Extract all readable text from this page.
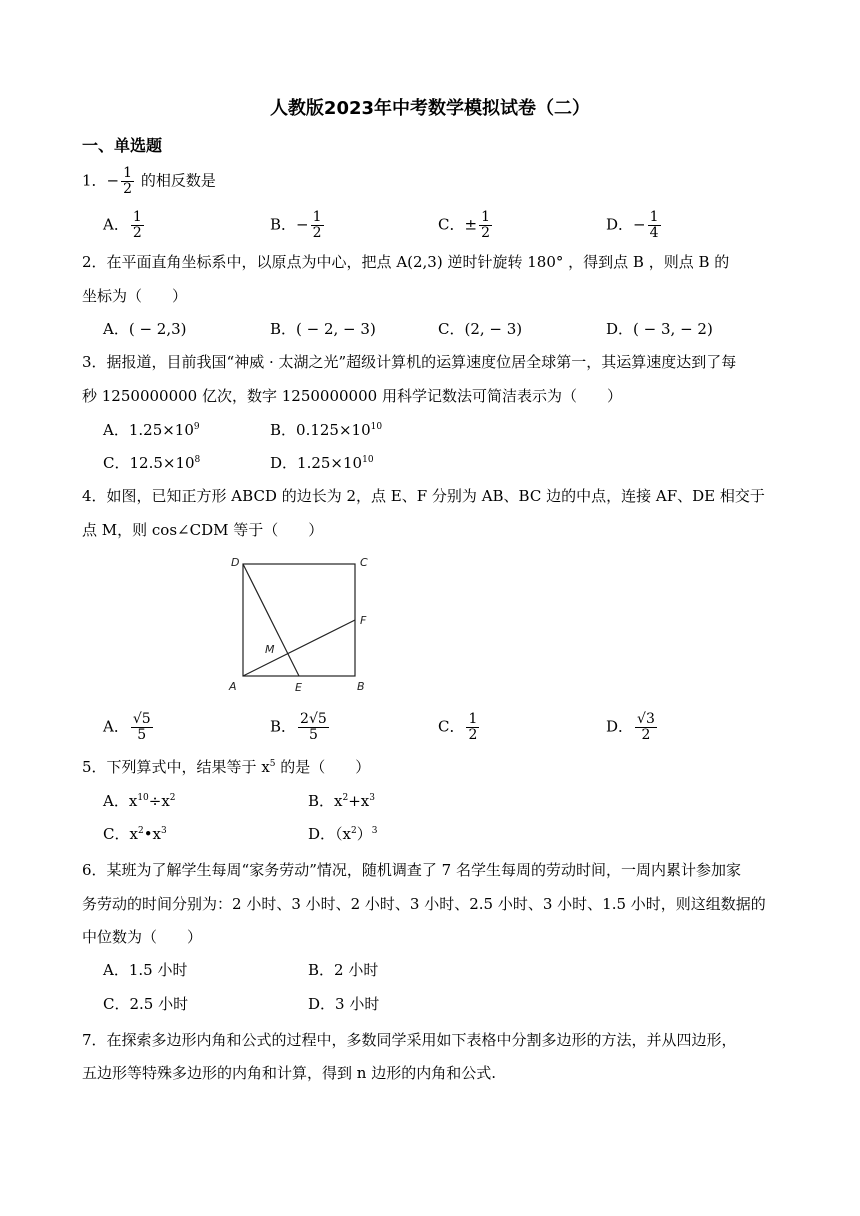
人教版2023年中考数学模拟试卷（二）
一、单选题
1．− $\frac{1}{2}$ 的相反数是
A． $\frac{1}{2}$	B．− $\frac{1}{2}$	C．± $\frac{1}{2}$	D．− $\frac{1}{4}$
2．在平面直角坐标系中，以原点为中心，把点 A(2,3) 逆时针旋转 180° ，得到点 B ，则点 B 的
坐标为（　　）
A．( − 2,3)	B．( − 2, − 3)	C．(2, − 3)	D．( − 3, − 2)
3．据报道，目前我国“神威 · 太湖之光”超级计算机的运算速度位居全球第一，其运算速度达到了每
秒 1250000000 亿次，数字 1250000000 用科学记数法可简洁表示为（　　）
A．$1.25\times 10^9$	B．$0.125\times 10^{10}$
C．$12.5\times 10^8$	D．$1.25\times 10^{10}$
4．如图，已知正方形 ABCD 的边长为 2，点 E、F 分别为 AB、BC 边的中点，连接 AF、DE 相交于
点 M，则 cos∠CDM 等于（　　）
D	C
F
M
A	E	B
A． $\frac{√5}{5}$	B． $\frac{2√5}{5}$	C． $\frac{1}{2}$	D． $\frac{√3}{2}$
5．下列算式中，结果等于 $x^5$ 的是（　　）
A．$x^{10}\div x^2$	B．$x^2+x^3$
C．$x^2•x^3$	D．$(x^2)^3$
6．某班为了解学生每周“家务劳动”情况，随机调查了 7 名学生每周的劳动时间，一周内累计参加家
务劳动的时间分别为：2 小时、3 小时、2 小时、3 小时、2.5 小时、3 小时、1.5 小时，则这组数据的
中位数为（　　）
A．1.5 小时	B．2 小时
C．2.5 小时	D．3 小时
7．在探索多边形内角和公式的过程中，多数同学采用如下表格中分割多边形的方法，并从四边形，
五边形等特殊多边形的内角和计算，得到 n 边形的内角和公式.
